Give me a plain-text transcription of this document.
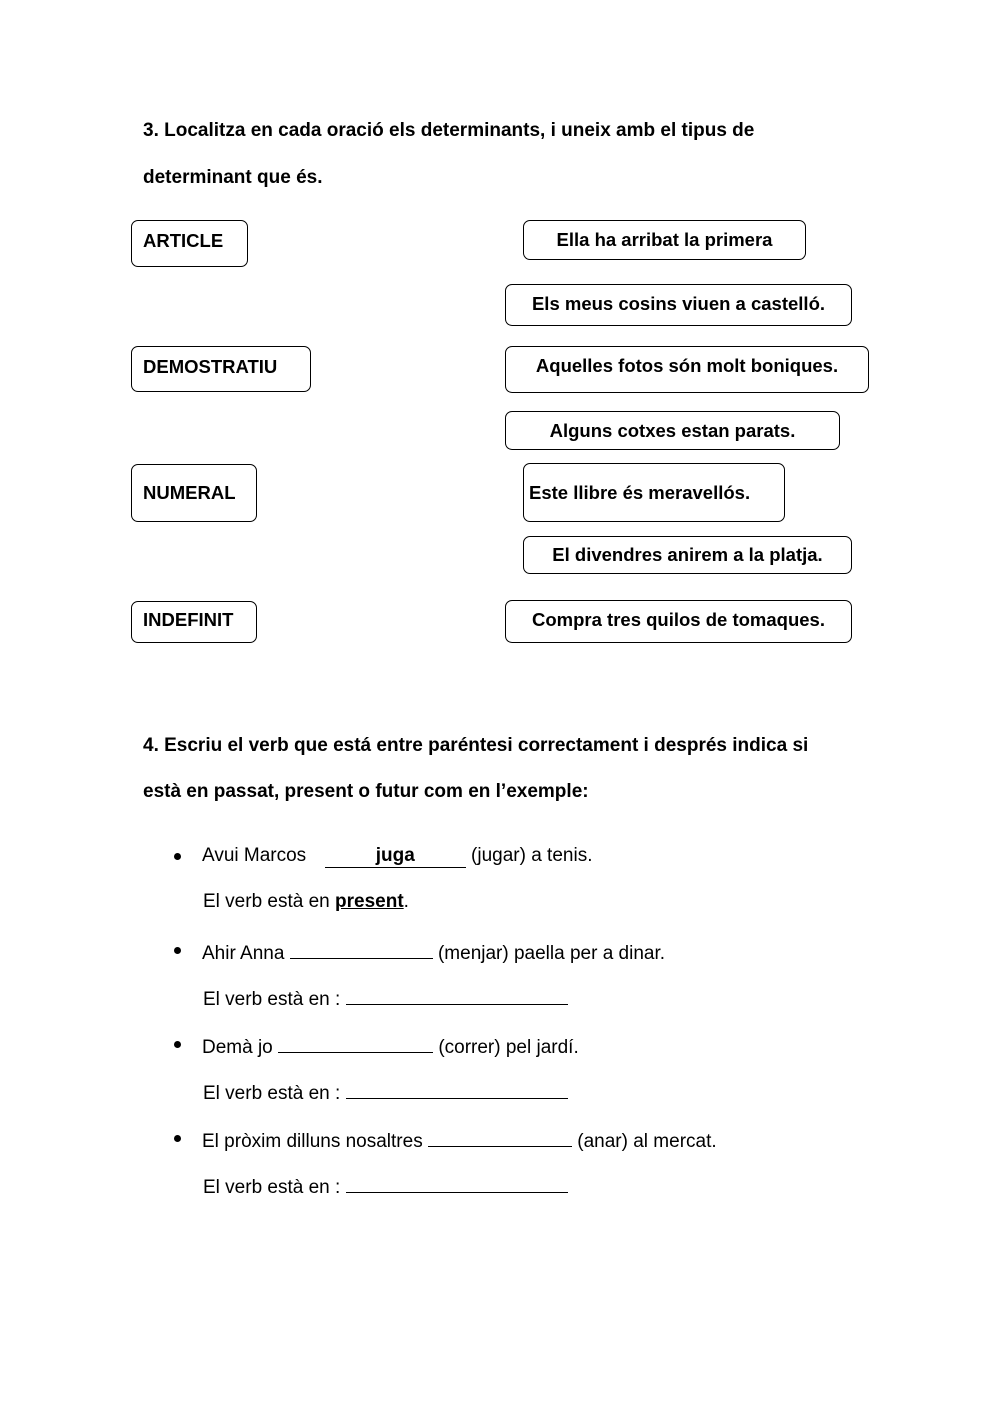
3. Localitza en cada oració els determinants, i uneix amb el tipus de
determinant que és.
ARTICLE
DEMOSTRATIU
NUMERAL
INDEFINIT
Ella ha arribat la primera
Els meus cosins viuen a castelló.
Aquelles fotos són molt boniques.
Alguns cotxes estan parats.
Este llibre és meravellós.
El divendres anirem a la platja.
Compra tres quilos de tomaques.
4. Escriu el verb que está entre paréntesi correctament i després indica si
està en passat, present o futur com en l’exemple:
Avui Marcos	juga	(jugar) a tenis.
El verb està en present.
Ahir Anna	(menjar) paella per a dinar.
El verb està en :
Demà jo	(correr) pel jardí.
El verb està en :
El pròxim dilluns nosaltres	(anar) al mercat.
El verb està en :
